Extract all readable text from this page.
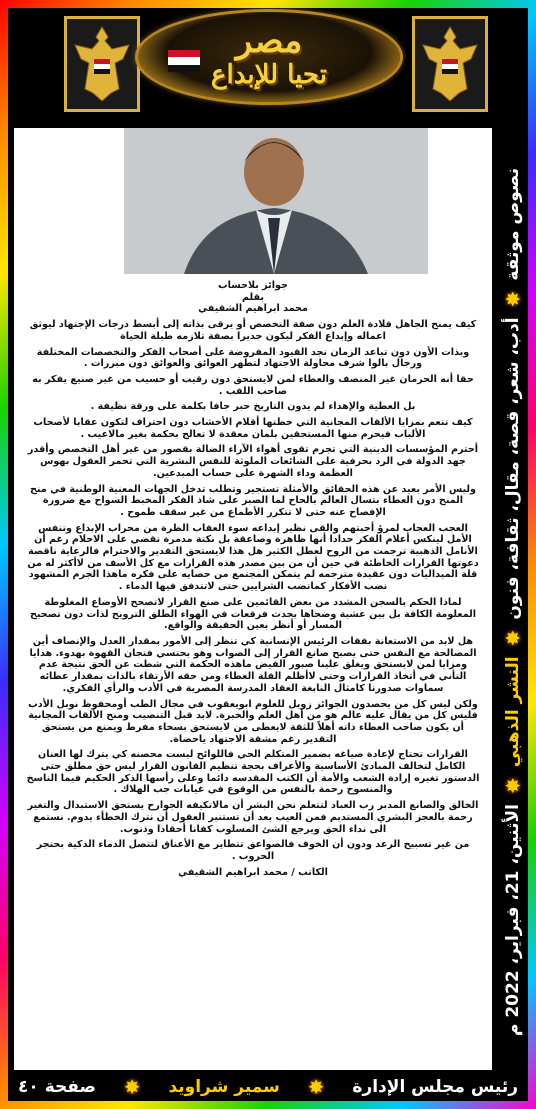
مصر
تحيا للإبداع

جوائز بلاحساب

بقلم

محمد ابراهيم الشقيفي

كيف يمنح الجاهل قلادة العلم دون صفة التخصص أو يرقى بذاته إلى أبسط درجات الإجتهاد ليوثق اعماله وإبداع الفكر ليكون جديرا بصفة تلازمه طيلة الحياة

وبذات الأون دون تباعد الزمان نجد القيود المفروضة على أصحاب الفكر والتخصصات المختلفة ورجال بالوا شرف محاولة الاجتهاد لتطهر العوائق والعوائق دون مبررات .

حقا أنه الحرمان غير المنصف والعطاء لمن لايستحق دون رقيب أو حسيب من غير صنيع يفكر به صاحب اللقب .

بل العطية والإهداء لم يدون التاريخ حبر جافا بكلمة على ورقة نظيفة .

كيف تنعم بمزايا الألقاب المجانية التي خطتها أقلام الأخشاب دون احتراف لتكون عقابا لأصحاب الألباب فيحرم منها المستحقين بلمان معقدة لا تعالج بحكمة بغير مالاعيب .

أحترم المؤسسات الدينية التي تجرم تقوى أهواء الآراء الضالة بقصور من غير أهل التخصص وأقدر جهد الدولة في الرد بحرفية على الشائعات الملوثة للنفس البشرية التي تحمر العقول بهوس العظمة وداء الشهرة على حساب المبدعين.

وليس الأمر بعيد عن هذه الحقائق والأمثلة تستجير وتطلب تدخل الجهات المعنية الوطنية في منح المنح دون العطاء بتسال العالم بالحاح لما الصبر على شاذ الفكر المخبط السواح مع ضرورة الإفصاح عنه حتى لا تتكرر الأطماع من غير سقف طموح .

العجب العجاب لمرؤ أحبتهم والقى نظير إبداعه سوء العقاب الظرة من محراب الإبداع وتنفس الأمل لينكس أعلام الفكر حدادا أنها ظاهرة وصاعقة بل نكتة مدمرة تقضي على الاحلام رغم أن الأنامل الذهبية ترجمت من الروح لعطل الكثير هل هذا لايستحق التقدير والاحترام فالرعاية ناقصة دعوتها القرارات الخاطئة في حين أن من بين مصدر هذه القرارات مع كل الأسف من لاأكثر له من قلة الميداليات دون عقيدة مترجمه لم يتمكن المجتمع من حصايه على فكره ماهذا الجرم المشهود نضب الأفكار كماتضب الشرايين حتى لاتتدفق فيها الدماء .

لماذا الحكم بالسجن المشدد من بعض القائمين على صنع القرار لاتصحح الأوضاع المغلوطة المعلومة الكافة بل بين عشية وضحاها يحدث فرقعات في الهواء الطلق الترويح لذات دون تصحيح المسار أو أنظر بعين الحقيقة والواقع.

هل لابد من الاستعانة بفقات الرئيس الإنسانية كي تنظر إلى الأمور بمقدار العدل والإنصاف أين المصالحة مع النفس حتى يصبح صانع القرار إلى الصواب وهو يحتسي فنجان القهوة بهدوء. هدايا ومزايا لمن لايستحق ويغلق علينا صبور الفيض ماهذه الحكمة التي شطت عن الحق نتيجة عدم التأني في أتخاذ القرارات وحتى لاأظلم القلة العطاء ومن حقه الأرتقاء بالذات بمقدار عطائه سماوات صدورنا كامثال النابغة العقاد المدرسة المصرية في الأدب والرأي الفكري.

ولكن ليس كل من يحصدون الجوائز زويل للعلوم ابويعقوب في مجال الطب أومحفوظ نوبل الأدب فليس كل من يقال عليه عالم هو من أهل العلم والخبرة. لابد قبل التنصيب ومنح الألقاب المجانية أن يكون صاحب العطاء ذاته أهلاً للثقة لايعطى من لايستحق بسخاء مفرط ويمنع من يستحق التقدير رغم مشقة الاجتهاد ياحضاة.

القرارات تحتاج لإعادة صياغه بضمير المتكلم الحي فاللوائح ليست محصنه كي يترك لها العنان الكامل لتخالف المبادئ الأساسية والأعراف بحجة تنظيم القانون القرار ليس حق مطلق حتى الدستور تغيره إرادة الشعب والأمة أن الكتب المقدسه دائما وعلى رأسها الذكر الحكيم فيما الناسخ والمنسوخ رحمة بالنفس من الوقوع في غيابات جب الهلاك .

الخالق والصانع المدبر رب العباد لتتعلم نحن البشر أن مالاتكيفه الجوارح يستحق الاستبدال والتغير رحمة بالعجز البشري المستديم فمن العيب بعد أن تستنير العقول أن نترك الخطأء يدوم. نستمع الى نداء الحق ويرجع الشئ المسلوب كفانا أحقادا وذنوب.

من غير تسبيح الرعد ودون أن الخوف فالصواعق تتطاير مع الأعناق لتتصل الدماء الذكية بحنجر الحروب .

الكاتب / محمد ابراهيم الشقيفي

نصوص موثقة
✸
أدب، شعر، قصة، مقال، ثقافة، فنون
✸
النشر الذهبي
✸
الأثنين، 21، فبراير، 2022 م
رئيس مجلس الإدارة
✸
سمير شراويد
✸
صفحة ٤٠
